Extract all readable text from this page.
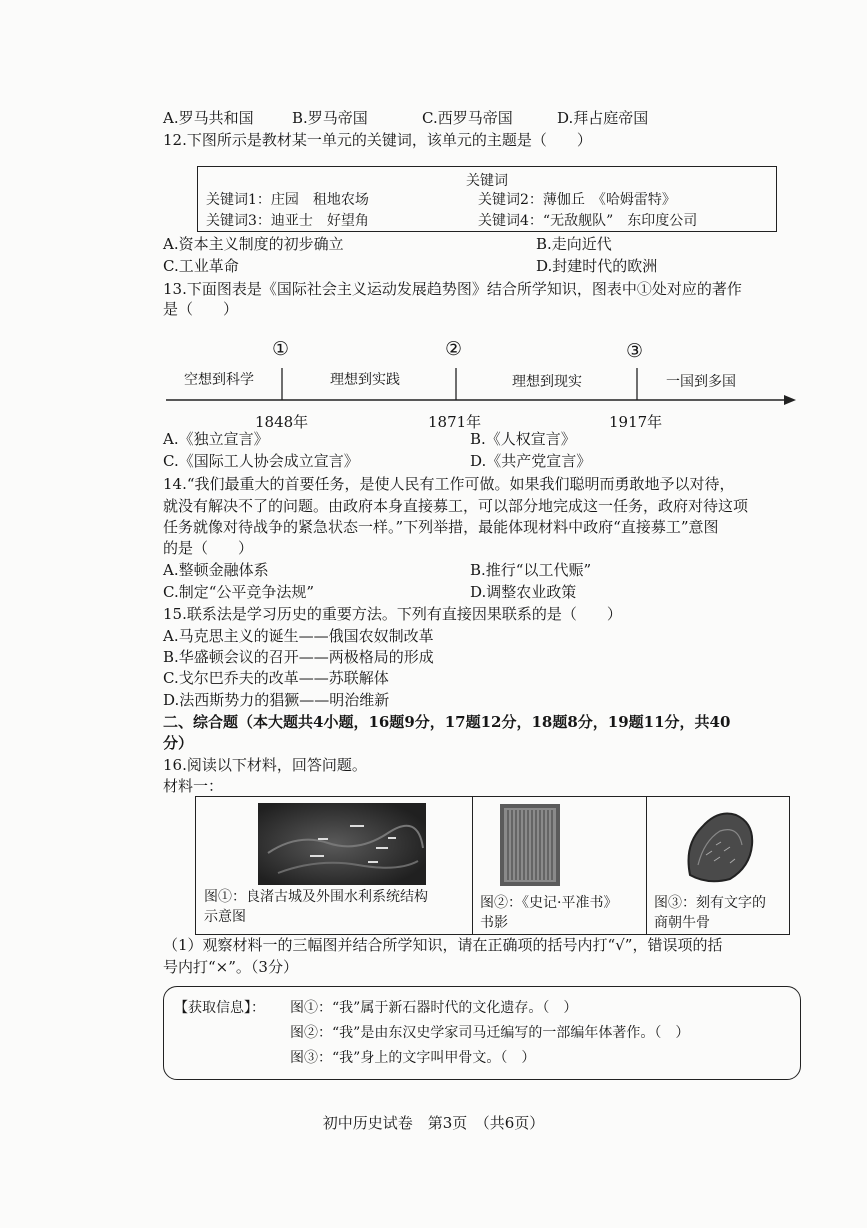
A.罗马共和国	B.罗马帝国	C.西罗马帝国	D.拜占庭帝国
12.下图所示是教材某一单元的关键词，该单元的主题是（　　）
关键词
关键词1：庄园　租地农场	关键词2：薄伽丘　《哈姆雷特》
关键词3：迪亚士　好望角	关键词4：“无敌舰队”　东印度公司
A.资本主义制度的初步确立	B.走向近代
C.工业革命	D.封建时代的欧洲
13.下面图表是《国际社会主义运动发展趋势图》结合所学知识，图表中①处对应的著作
是（　　）
①	②	③
空想到科学	理想到实践	理想到现实	一国到多国
1848年	1871年	1917年
A.《独立宣言》	B.《人权宣言》
C.《国际工人协会成立宣言》	D.《共产党宣言》
14.“我们最重大的首要任务，是使人民有工作可做。如果我们聪明而勇敢地予以对待，
就没有解决不了的问题。由政府本身直接募工，可以部分地完成这一任务，政府对待这项
任务就像对待战争的紧急状态一样。”下列举措，最能体现材料中政府“直接募工”意图
的是（　　）
A.整顿金融体系	B.推行“以工代赈”
C.制定“公平竞争法规”	D.调整农业政策
15.联系法是学习历史的重要方法。下列有直接因果联系的是（　　）
A.马克思主义的诞生——俄国农奴制改革
B.华盛顿会议的召开——两极格局的形成
C.戈尔巴乔夫的改革——苏联解体
D.法西斯势力的猖獗——明治维新
二、综合题（本大题共4小题，16题9分，17题12分，18题8分，19题11分，共40
分）
16.阅读以下材料，回答问题。
材料一：
图①：良渚古城及外围水利系统结构
示意图
图②：《史记·平准书》
书影
图③：刻有文字的
商朝牛骨
（1）观察材料一的三幅图并结合所学知识，请在正确项的括号内打“√”，错误项的括
号内打“×”。（3分）
【获取信息】： 图①：“我”属于新石器时代的文化遗存。（　）
图②：“我”是由东汉史学家司马迁编写的一部编年体著作。（　）
图③：“我”身上的文字叫甲骨文。（　）
初中历史试卷　第3页　（共6页）
